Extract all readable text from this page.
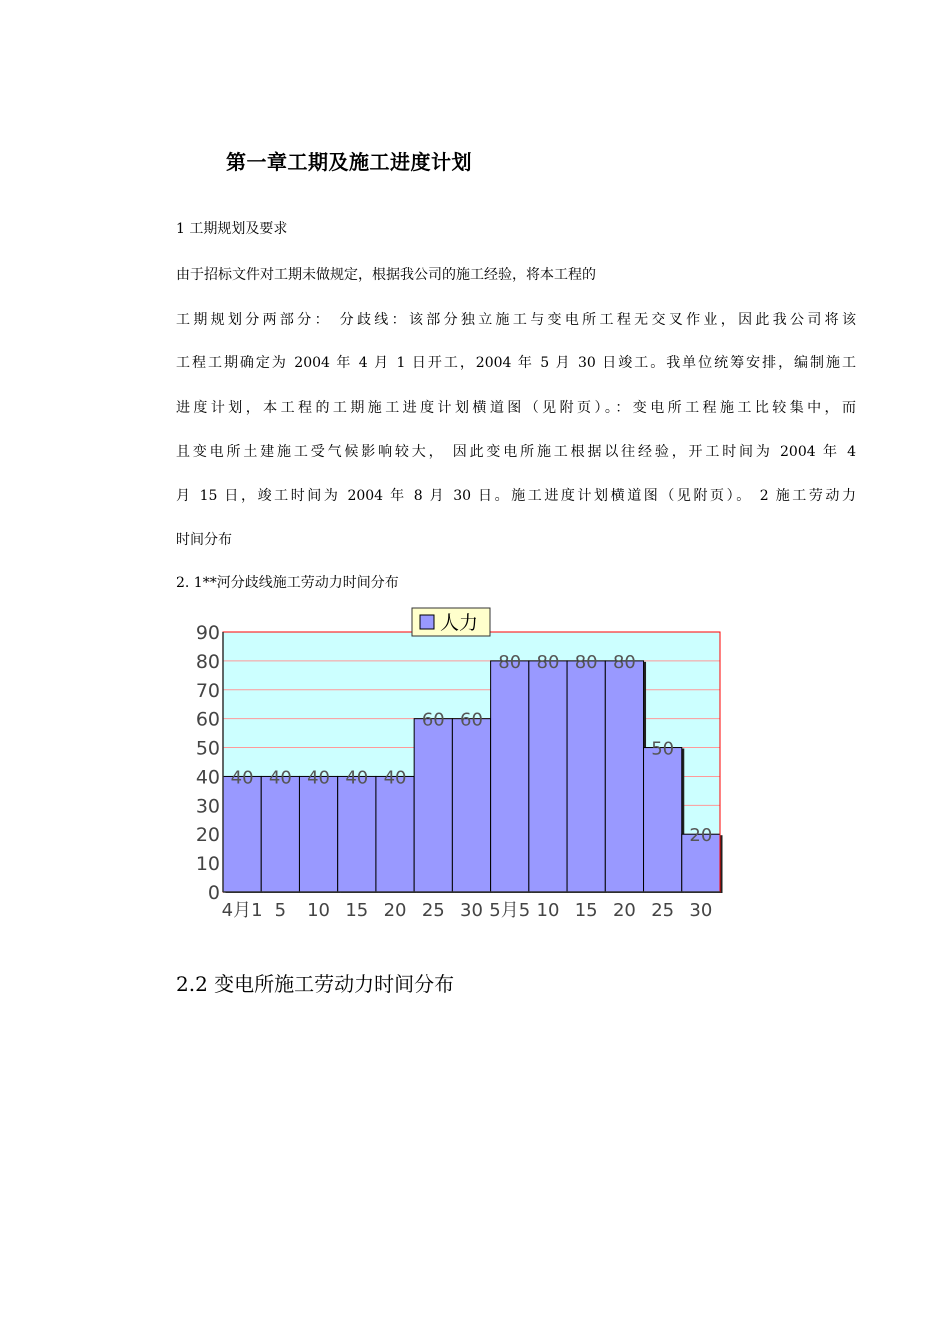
第一章工期及施工进度计划
1 工期规划及要求
由于招标文件对工期未做规定，根据我公司的施工经验，将本工程的
工期规划分两部分： 分歧线：该部分独立施工与变电所工程无交叉作业，因此我公司将该
工程工期确定为 2004 年 4 月 1 日开工，2004 年 5 月 30 日竣工。我单位统筹安排，编制施工
进度计划，本工程的工期施工进度计划横道图（见附页）。：变电所工程施工比较集中，而
且变电所土建施工受气候影响较大， 因此变电所施工根据以往经验，开工时间为 2004 年 4
月 15 日，竣工时间为 2004 年 8 月 30 日。施工进度计划横道图（见附页）。 2 施工劳动力
时间分布
2. 1**河分歧线施工劳动力时间分布
40 40 40 40 40
60 60
80 80 80 80
50
20
0
10
20
30
40
50
60
70
80
90
4月1 5 10 15 20 25 30 5月5 10 15 20 25 30
人力
2.2 变电所施工劳动力时间分布
